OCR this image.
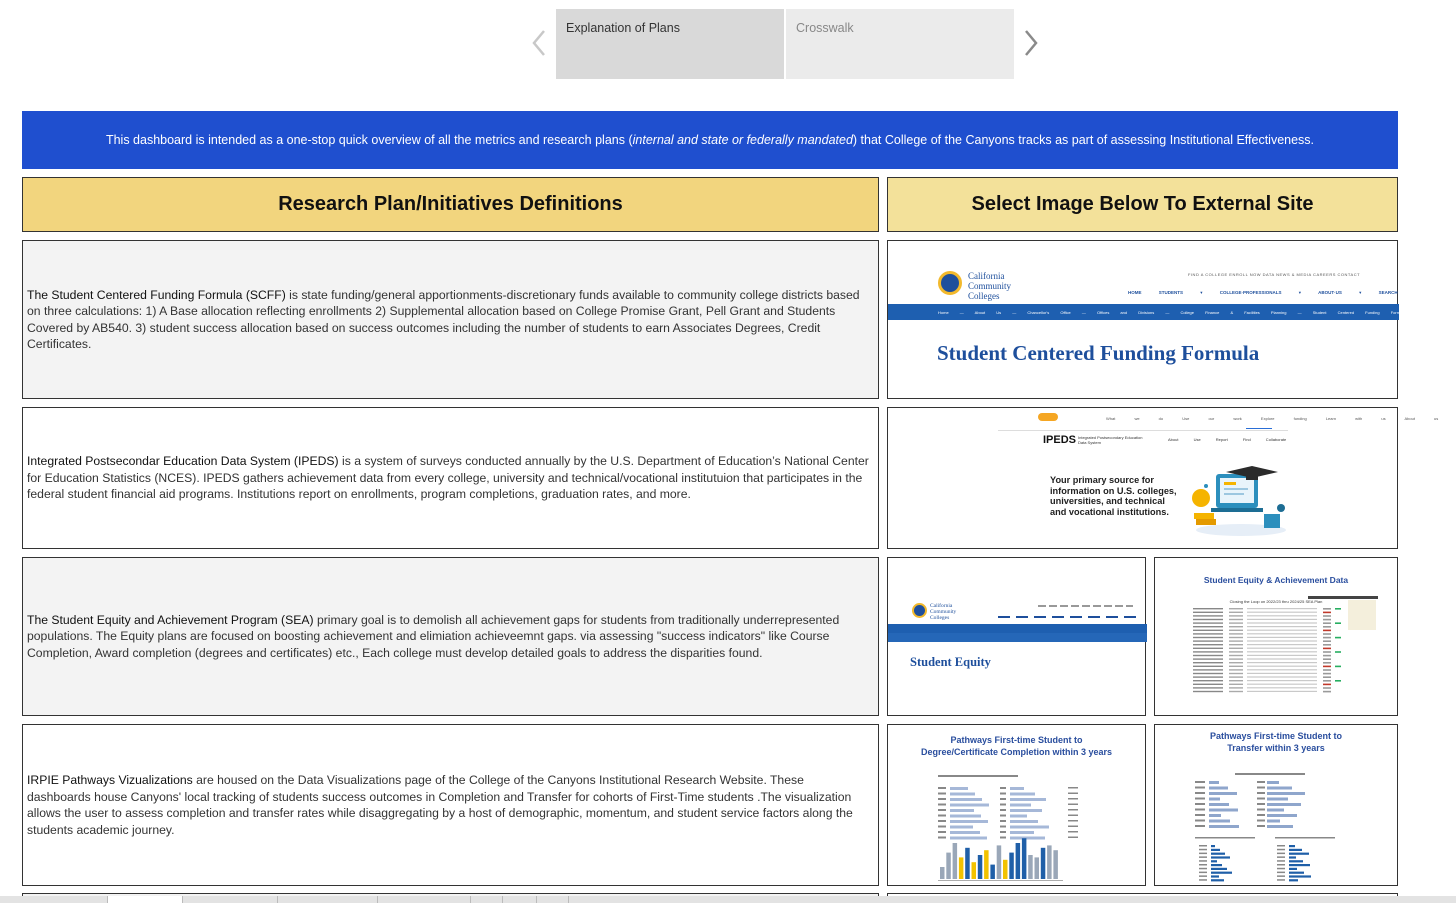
Explanation of Plans	Crosswalk
This dashboard is intended as a one-stop quick overview of all the metrics and research plans ( internal and state or federally mandated ) that College of the Canyons tracks as part of assessing Institutional Effectiveness.
Research Plan/Initiatives Definitions	Select Image Below To External Site

The Student Centered Funding Formula (SCFF) is state funding/general apportionments-discretionary funds available to community college districts based on three calculations: 1) A Base allocation reflecting enrollments 2) Supplemental allocation based on College Promise Grant, Pell Grant and Students Covered by AB540. 3) student success allocation based on success outcomes including the number of students to earn Associates Degrees, Credit Certificates.

Integrated Postsecondar Education Data System (IPEDS) is a system of surveys conducted annually by the U.S. Department of Education’s National Center for Education Statistics (NCES). IPEDS gathers achievement data from every college, university and technical/vocational institutuion that participates in the federal student financial aid programs. Institutions report on enrollments, program completions, graduation rates, and more.

The Student Equity and Achievement Program (SEA) primary goal is to demolish all achievement gaps for students from traditionally underrepresented populations. The Equity plans are focused on boosting achievement and elimiation achieveemnt gaps. via assessing "success indicators" like Course Completion, Award completion (degrees and certificates) etc., Each college must develop detailed goals to address the disparities found.

IRPIE Pathways Vizualizations are housed on the Data Visualizations page of the College of the Canyons Institutional Research Website. These dashboards house Canyons' local tracking of students success outcomes in Completion and Transfer for cohorts of First-Time students .The visualization allows the user to assess completion and transfer rates while disaggregating by a host of demographic, momentum, and student service factors along the students academic journey.

California
Community
Colleges
FIND A COLLEGE ENROLL NOW DATA NEWS & MEDIA CAREERS CONTACT
HOME STUDENTS ▾ COLLEGE·PROFESSIONALS ▾ ABOUT·US ▾ SEARCH
Home — About Us — Chancellor's Office — Offices and Divisions — College Finance & Facilities Planning — Student Centered Funding Formula
Student Centered Funding Formula
What we do Use our work Explore funding Learn with us About us
IPEDS Integrated Postsecondary Education Data System
About Use Report Find Collaborate
Your primary source for information on U.S. colleges, universities, and technical and vocational institutions.
California
Community
Colleges
Student Equity
Student Equity & Achievement Data
Closing the Loop on 2022/23 thru 2024/25 SEA Plan
Pathways First-time Student to
Degree/Certificate Completion within 3 years
Pathways First-time Student to
Transfer within 3 years
